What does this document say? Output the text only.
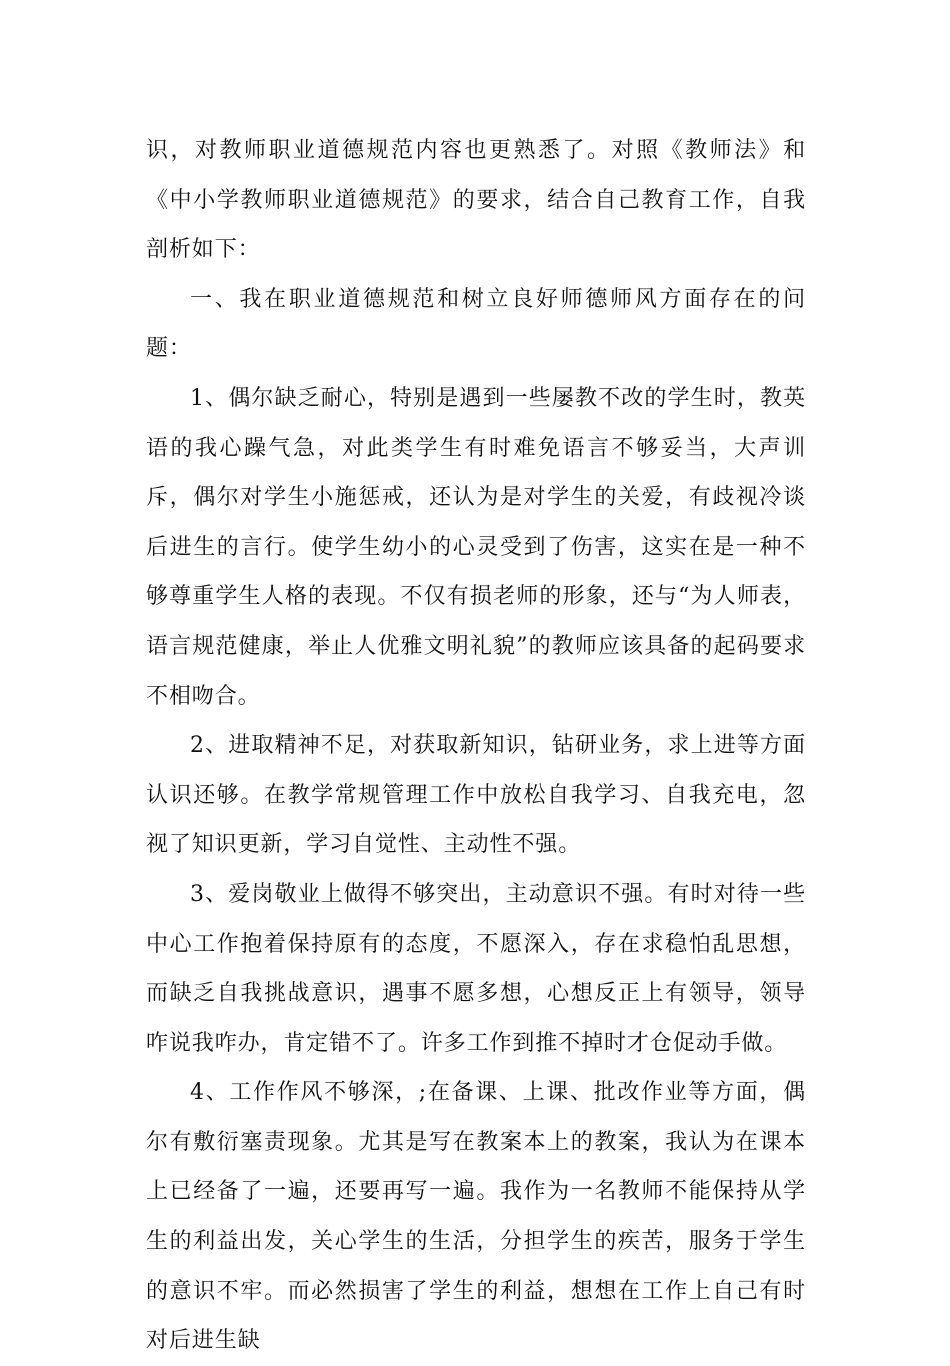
识，对教师职业道德规范内容也更熟悉了。对照《教师法》和《中小学教师职业道德规范》的要求，结合自己教育工作，自我剖析如下：

一、我在职业道德规范和树立良好师德师风方面存在的问题：

1、偶尔缺乏耐心，特别是遇到一些屡教不改的学生时，教英语的我心躁气急，对此类学生有时难免语言不够妥当，大声训斥，偶尔对学生小施惩戒，还认为是对学生的关爱，有歧视冷谈后进生的言行。使学生幼小的心灵受到了伤害，这实在是一种不够尊重学生人格的表现。不仅有损老师的形象，还与“为人师表，语言规范健康，举止人优雅文明礼貌”的教师应该具备的起码要求不相吻合。

2、进取精神不足，对获取新知识，钻研业务，求上进等方面认识还够。在教学常规管理工作中放松自我学习、自我充电，忽视了知识更新，学习自觉性、主动性不强。

3、爱岗敬业上做得不够突出，主动意识不强。有时对待一些中心工作抱着保持原有的态度，不愿深入，存在求稳怕乱思想，而缺乏自我挑战意识，遇事不愿多想，心想反正上有领导，领导咋说我咋办，肯定错不了。许多工作到推不掉时才仓促动手做。

4、工作作风不够深，;在备课、上课、批改作业等方面，偶尔有敷衍塞责现象。尤其是写在教案本上的教案，我认为在课本上已经备了一遍，还要再写一遍。我作为一名教师不能保持从学生的利益出发，关心学生的生活，分担学生的疾苦，服务于学生的意识不牢。而必然损害了学生的利益，想想在工作上自己有时对后进生缺
